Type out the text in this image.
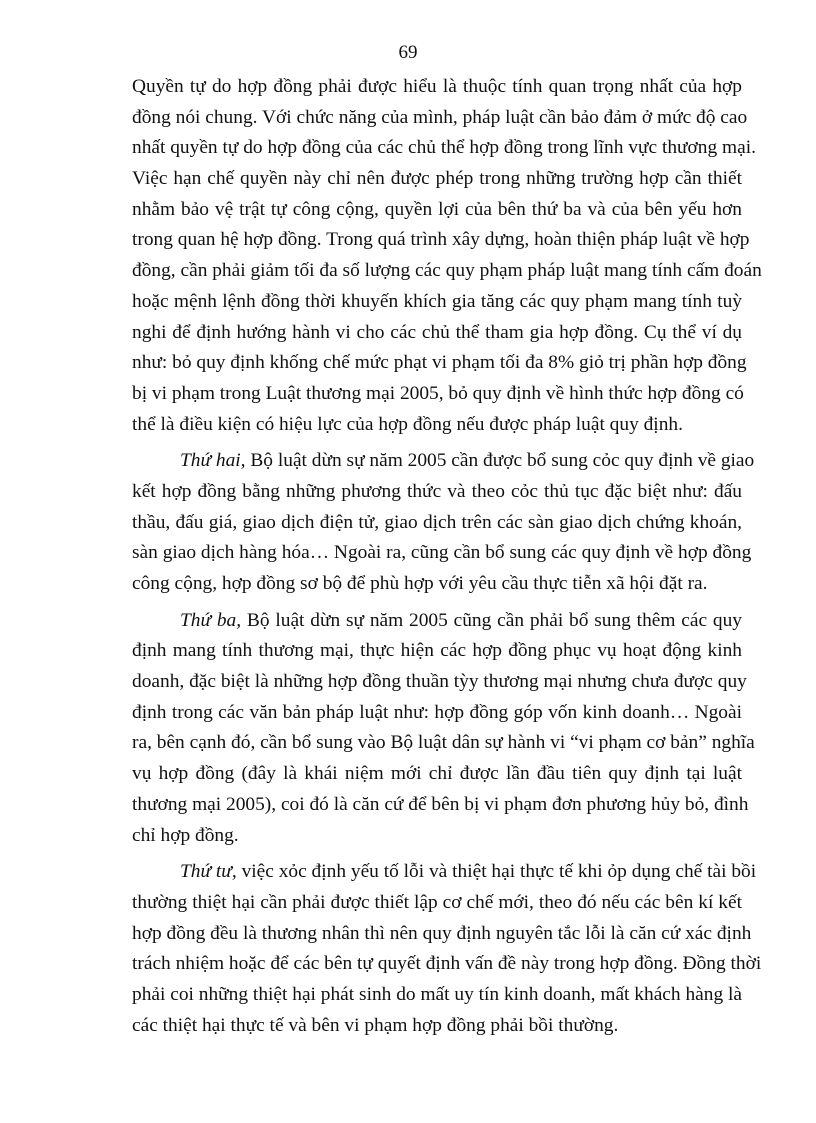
69
Quyền tự do hợp đồng phải được hiểu là thuộc tính quan trọng nhất của hợp
đồng nói chung. Với chức năng của mình, pháp luật cần bảo đảm ở mức độ cao
nhất quyền tự do hợp đồng của các chủ thể hợp đồng trong lĩnh vực thương mại.
Việc hạn chế quyền này chỉ nên được phép trong những trường hợp cần thiết
nhằm bảo vệ trật tự công cộng, quyền lợi của bên thứ ba và của bên yếu hơn
trong quan hệ hợp đồng. Trong quá trình xây dựng, hoàn thiện pháp luật về hợp
đồng, cần phải giảm tối đa số lượng các quy phạm pháp luật mang tính cấm đoán
hoặc mệnh lệnh đồng thời khuyến khích gia tăng các quy phạm mang tính tuỳ
nghi để định hướng hành vi cho các chủ thể tham gia hợp đồng. Cụ thể ví dụ
như: bỏ quy định khống chế mức phạt vi phạm tối đa 8% giỏ trị phần hợp đồng
bị vi phạm trong Luật thương mại 2005, bỏ quy định về hình thức hợp đồng có
thể là điều kiện có hiệu lực của hợp đồng nếu được pháp luật quy định.
Thứ hai, Bộ luật dừn sự năm 2005 cần được bổ sung cỏc quy định về giao
kết hợp đồng bằng những phương thức và theo cỏc thủ tục đặc biệt như: đấu
thầu, đấu giá, giao dịch điện tử, giao dịch trên các sàn giao dịch chứng khoán,
sàn giao dịch hàng hóa… Ngoài ra, cũng cần bổ sung các quy định về hợp đồng
công cộng, hợp đồng sơ bộ để phù hợp với yêu cầu thực tiễn xã hội đặt ra.
Thứ ba, Bộ luật dừn sự năm 2005 cũng cần phải bổ sung thêm các quy
định mang tính thương mại, thực hiện các hợp đồng phục vụ hoạt động kinh
doanh, đặc biệt là những hợp đồng thuần tỳy thương mại nhưng chưa được quy
định trong các văn bản pháp luật như: hợp đồng góp vốn kinh doanh… Ngoài
ra, bên cạnh đó, cần bổ sung vào Bộ luật dân sự hành vi “vi phạm cơ bản” nghĩa
vụ hợp đồng (đây là khái niệm mới chỉ được lần đầu tiên quy định tại luật
thương mại 2005), coi đó là căn cứ để bên bị vi phạm đơn phương hủy bỏ, đình
chỉ hợp đồng.
Thứ tư, việc xỏc định yếu tố lỗi và thiệt hại thực tế khi ỏp dụng chế tài bồi
thường thiệt hại cần phải được thiết lập cơ chế mới, theo đó nếu các bên kí kết
hợp đồng đều là thương nhân thì nên quy định nguyên tắc lỗi là căn cứ xác định
trách nhiệm hoặc để các bên tự quyết định vấn đề này trong hợp đồng. Đồng thời
phải coi những thiệt hại phát sinh do mất uy tín kinh doanh, mất khách hàng là
các thiệt hại thực tế và bên vi phạm hợp đồng phải bồi thường.
